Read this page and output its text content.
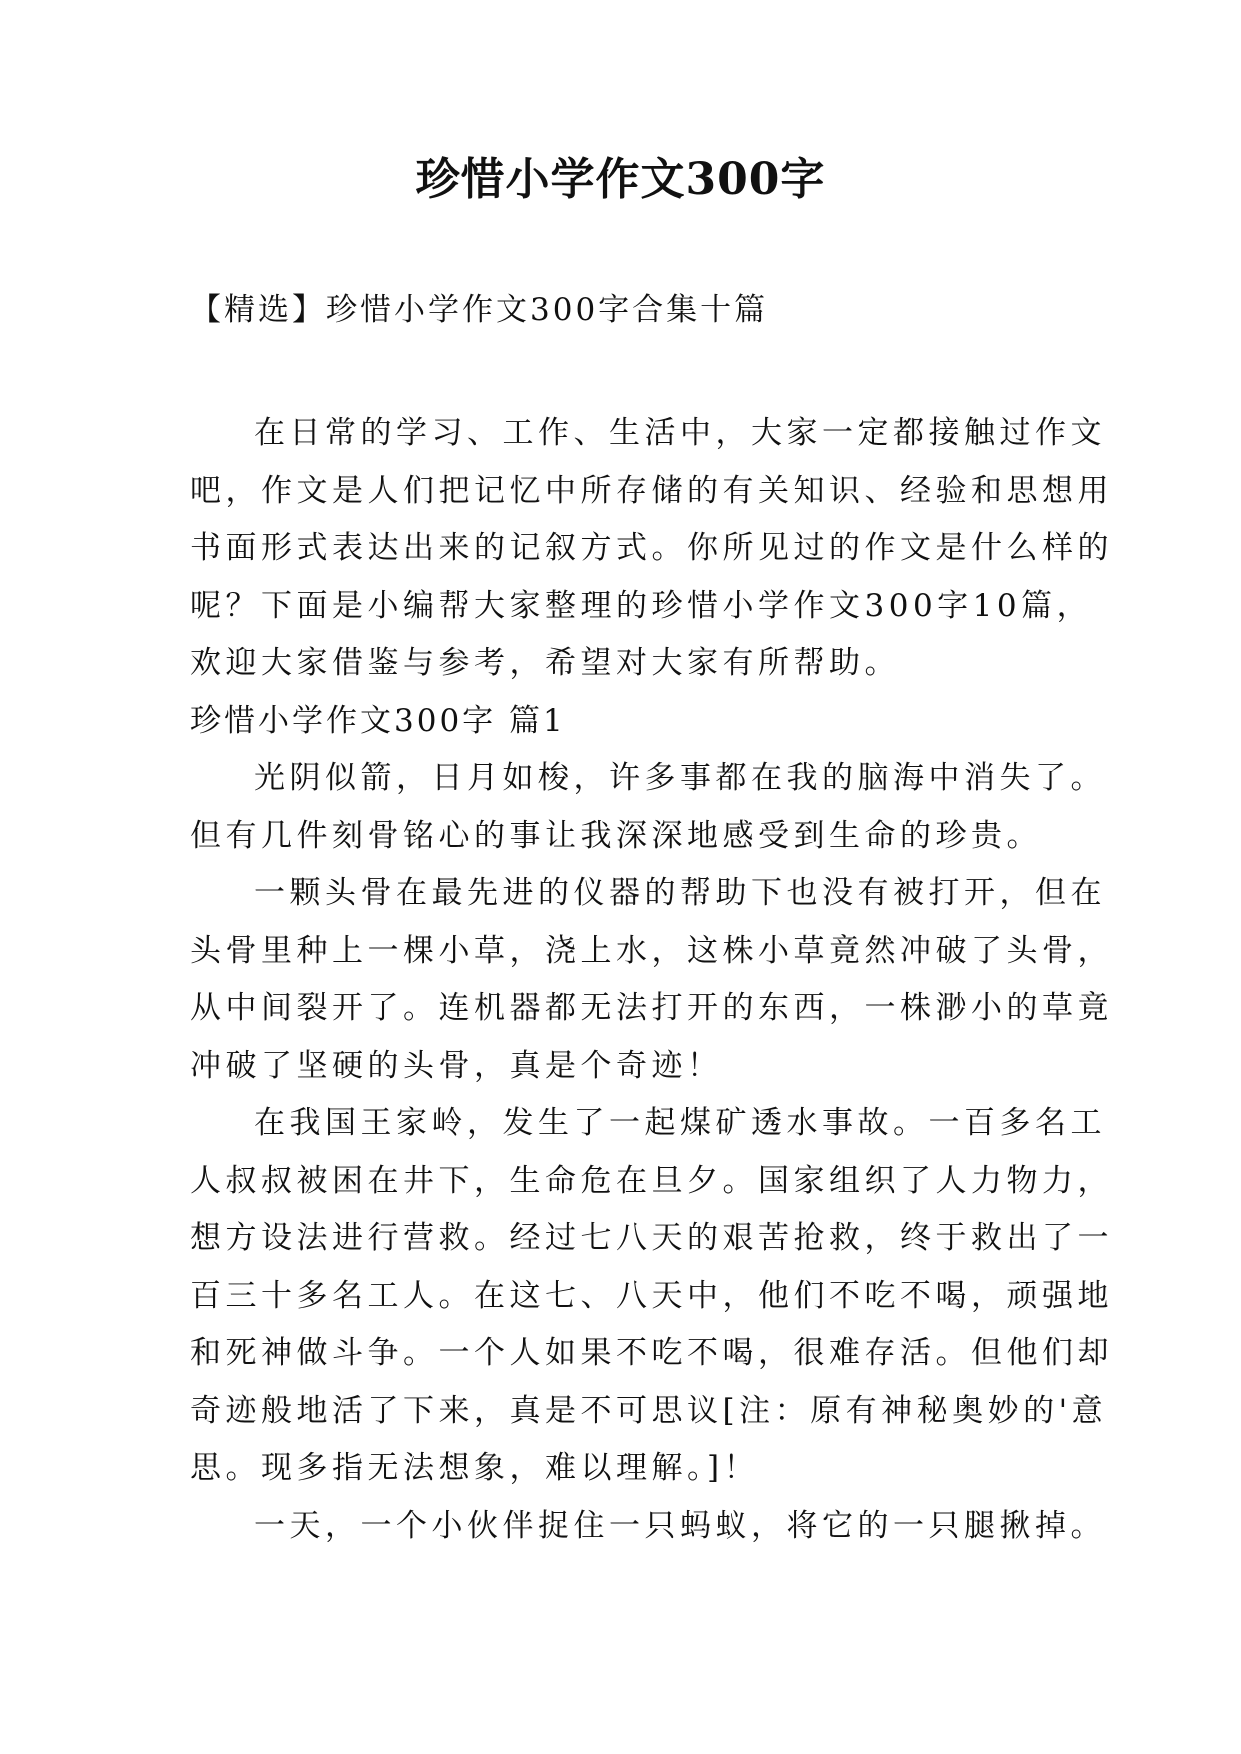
珍惜小学作文300字
【精选】珍惜小学作文300字合集十篇
在日常的学习、工作、生活中，大家一定都接触过作文
吧，作文是人们把记忆中所存储的有关知识、经验和思想用
书面形式表达出来的记叙方式。你所见过的作文是什么样的
呢？下面是小编帮大家整理的珍惜小学作文300字10篇，
欢迎大家借鉴与参考，希望对大家有所帮助。
珍惜小学作文300字 篇1
光阴似箭，日月如梭，许多事都在我的脑海中消失了。
但有几件刻骨铭心的事让我深深地感受到生命的珍贵。
一颗头骨在最先进的仪器的帮助下也没有被打开，但在
头骨里种上一棵小草，浇上水，这株小草竟然冲破了头骨，
从中间裂开了。连机器都无法打开的东西，一株渺小的草竟
冲破了坚硬的头骨，真是个奇迹！
在我国王家岭，发生了一起煤矿透水事故。一百多名工
人叔叔被困在井下，生命危在旦夕。国家组织了人力物力，
想方设法进行营救。经过七八天的艰苦抢救，终于救出了一
百三十多名工人。在这七、八天中，他们不吃不喝，顽强地
和死神做斗争。一个人如果不吃不喝，很难存活。但他们却
奇迹般地活了下来，真是不可思议[注：原有神秘奥妙的'意
思。现多指无法想象，难以理解。]！
一天，一个小伙伴捉住一只蚂蚁，将它的一只腿揪掉。
